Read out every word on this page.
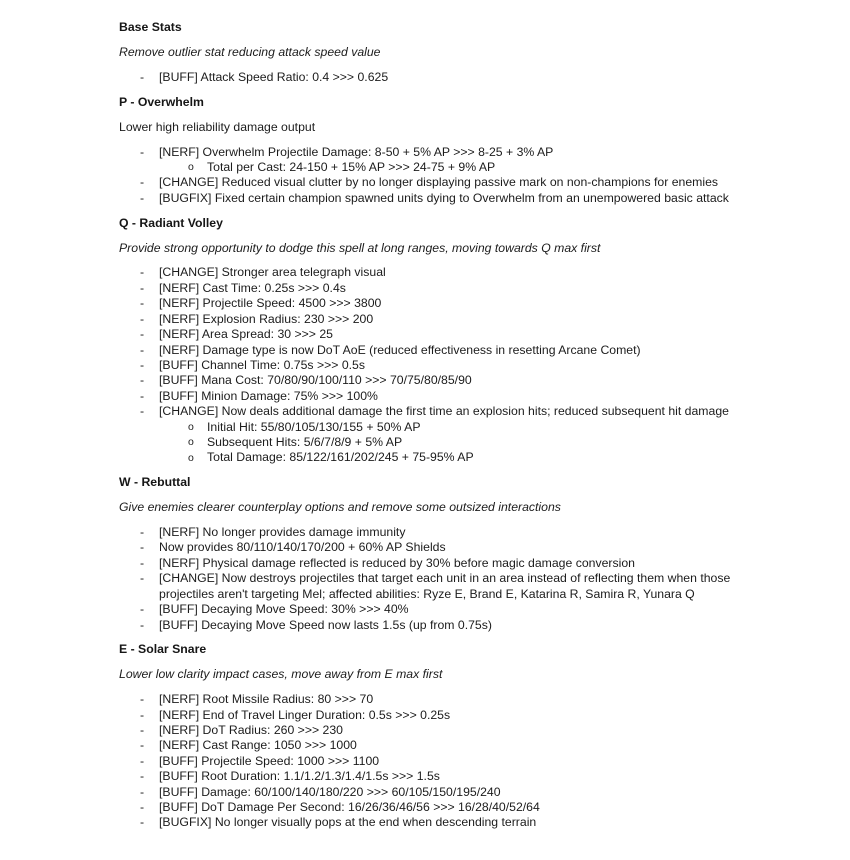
Base Stats

Remove outlier stat reducing attack speed value

- [BUFF] Attack Speed Ratio: 0.4 >>> 0.625
P - Overwhelm

Lower high reliability damage output

- [NERF] Overwhelm Projectile Damage: 8-50 + 5% AP >>> 8-25 + 3% AP
o Total per Cast: 24-150 + 15% AP >>> 24-75 + 9% AP
- [CHANGE] Reduced visual clutter by no longer displaying passive mark on non-champions for enemies
- [BUGFIX] Fixed certain champion spawned units dying to Overwhelm from an unempowered basic attack
Q - Radiant Volley

Provide strong opportunity to dodge this spell at long ranges, moving towards Q max first

- [CHANGE] Stronger area telegraph visual
- [NERF] Cast Time: 0.25s >>> 0.4s
- [NERF] Projectile Speed: 4500 >>> 3800
- [NERF] Explosion Radius: 230 >>> 200
- [NERF] Area Spread: 30 >>> 25
- [NERF] Damage type is now DoT AoE (reduced effectiveness in resetting Arcane Comet)
- [BUFF] Channel Time: 0.75s >>> 0.5s
- [BUFF] Mana Cost: 70/80/90/100/110 >>> 70/75/80/85/90
- [BUFF] Minion Damage: 75% >>> 100%
- [CHANGE] Now deals additional damage the first time an explosion hits; reduced subsequent hit damage
o Initial Hit: 55/80/105/130/155 + 50% AP
o Subsequent Hits: 5/6/7/8/9 + 5% AP
o Total Damage: 85/122/161/202/245 + 75-95% AP
W - Rebuttal

Give enemies clearer counterplay options and remove some outsized interactions

- [NERF] No longer provides damage immunity
- Now provides 80/110/140/170/200 + 60% AP Shields
- [NERF] Physical damage reflected is reduced by 30% before magic damage conversion
- [CHANGE] Now destroys projectiles that target each unit in an area instead of reflecting them when those projectiles aren't targeting Mel; affected abilities: Ryze E, Brand E, Katarina R, Samira R, Yunara Q
- [BUFF] Decaying Move Speed: 30% >>> 40%
- [BUFF] Decaying Move Speed now lasts 1.5s (up from 0.75s)
E - Solar Snare

Lower low clarity impact cases, move away from E max first

- [NERF] Root Missile Radius: 80 >>> 70
- [NERF] End of Travel Linger Duration: 0.5s >>> 0.25s
- [NERF] DoT Radius: 260 >>> 230
- [NERF] Cast Range: 1050 >>> 1000
- [BUFF] Projectile Speed: 1000 >>> 1100
- [BUFF] Root Duration: 1.1/1.2/1.3/1.4/1.5s >>> 1.5s
- [BUFF] Damage: 60/100/140/180/220 >>> 60/105/150/195/240
- [BUFF] DoT Damage Per Second: 16/26/36/46/56 >>> 16/28/40/52/64
- [BUGFIX] No longer visually pops at the end when descending terrain
